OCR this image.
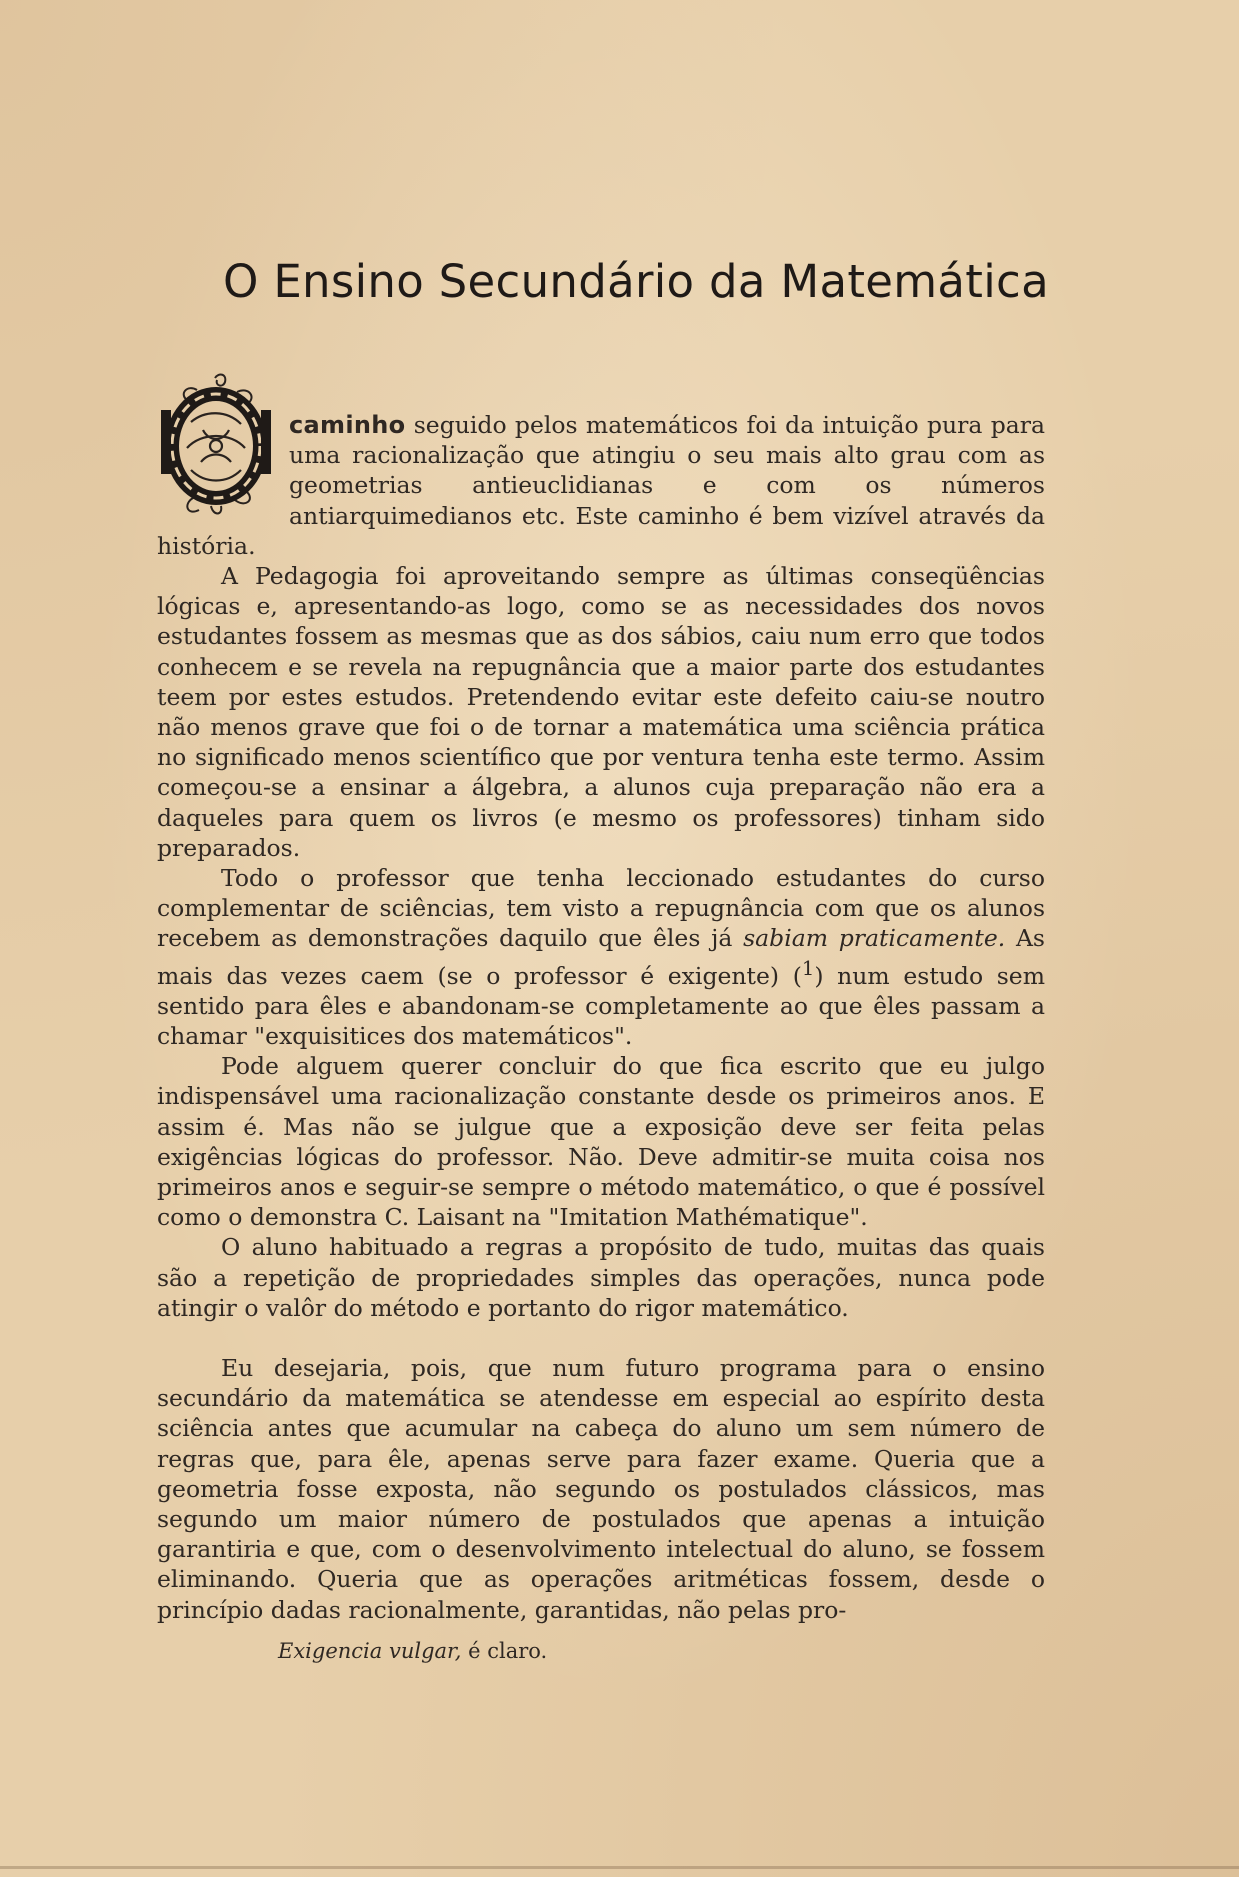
O Ensino Secundário da Matemática

caminho seguido pelos matemáticos foi da intuição pura para uma racionalização que atingiu o seu mais alto grau com as geometrias antieuclidianas e com os números antiarquimedianos etc. Este caminho é bem vizível através da história.

A Pedagogia foi aproveitando sempre as últimas conseqüências lógicas e, apresentando-as logo, como se as necessidades dos novos estudantes fossem as mesmas que as dos sábios, caiu num erro que todos conhecem e se revela na repugnância que a maior parte dos estudantes teem por estes estudos. Pretendendo evitar este defeito caiu-se noutro não menos grave que foi o de tornar a matemática uma sciência prática no significado menos scientífico que por ventura tenha este termo. Assim começou-se a ensinar a álgebra, a alunos cuja preparação não era a daqueles para quem os livros (e mesmo os professores) tinham sido preparados.

Todo o professor que tenha leccionado estudantes do curso complementar de sciências, tem visto a repugnância com que os alunos recebem as demonstrações daquilo que êles já sabiam praticamente. As mais das vezes caem (se o professor é exigente) ($^1$) num estudo sem sentido para êles e abandonam-se completamente ao que êles passam a chamar "exquisitices dos matemáticos".

Pode alguem querer concluir do que fica escrito que eu julgo indispensável uma racionalização constante desde os primeiros anos. E assim é. Mas não se julgue que a exposição deve ser feita pelas exigências lógicas do professor. Não. Deve admitir-se muita coisa nos primeiros anos e seguir-se sempre o método matemático, o que é possível como o demonstra C. Laisant na "Imitation Mathématique".

O aluno habituado a regras a propósito de tudo, muitas das quais são a repetição de propriedades simples das operações, nunca pode atingir o valôr do método e portanto do rigor matemático.

Eu desejaria, pois, que num futuro programa para o ensino secundário da matemática se atendesse em especial ao espírito desta sciência antes que acumular na cabeça do aluno um sem número de regras que, para êle, apenas serve para fazer exame. Queria que a geometria fosse exposta, não segundo os postulados clássicos, mas segundo um maior número de postulados que apenas a intuição garantiria e que, com o desenvolvimento intelectual do aluno, se fossem eliminando. Queria que as operações aritméticas fossem, desde o princípio dadas racionalmente, garantidas, não pelas pro-

Exigencia vulgar, é claro.
